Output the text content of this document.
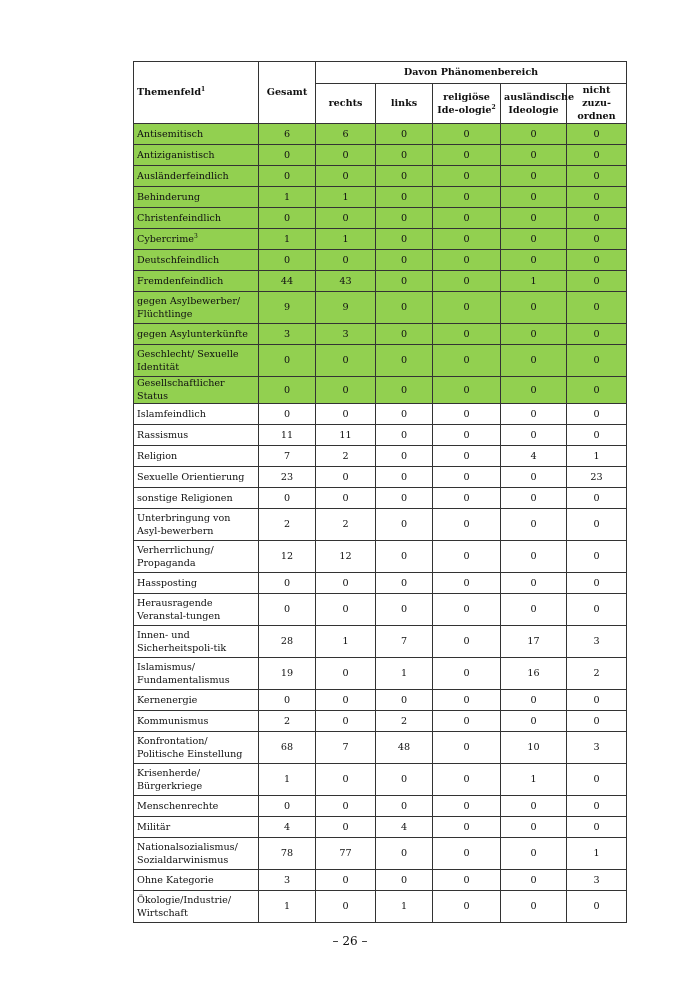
Themenfeld$^1$	Gesamt	Davon Phänomenbereich				
		rechts	links	religiöse Ide-ologie$^2$	ausländische Ideologie	nicht zuzu-ordnen
Antisemitisch	6	6	0	0	0	0
Antiziganistisch	0	0	0	0	0	0
Ausländerfeindlich	0	0	0	0	0	0
Behinderung	1	1	0	0	0	0
Christenfeindlich	0	0	0	0	0	0
Cybercrime$^3$	1	1	0	0	0	0
Deutschfeindlich	0	0	0	0	0	0
Fremdenfeindlich	44	43	0	0	1	0
gegen Asylbewerber/ Flüchtlinge	9	9	0	0	0	0
gegen Asylunterkünfte	3	3	0	0	0	0
Geschlecht/ Sexuelle Identität	0	0	0	0	0	0
Gesellschaftlicher Status	0	0	0	0	0	0
Islamfeindlich	0	0	0	0	0	0
Rassismus	11	11	0	0	0	0
Religion	7	2	0	0	4	1
Sexuelle Orientierung	23	0	0	0	0	23
sonstige Religionen	0	0	0	0	0	0
Unterbringung von Asyl-bewerbern	2	2	0	0	0	0
Verherrlichung/ Propaganda	12	12	0	0	0	0
Hassposting	0	0	0	0	0	0
Herausragende Veranstal-tungen	0	0	0	0	0	0
Innen- und Sicherheitspoli-tik	28	1	7	0	17	3
Islamismus/ Fundamentalismus	19	0	1	0	16	2
Kernenergie	0	0	0	0	0	0
Kommunismus	2	0	2	0	0	0
Konfrontation/ Politische Einstellung	68	7	48	0	10	3
Krisenherde/ Bürgerkriege	1	0	0	0	1	0
Menschenrechte	0	0	0	0	0	0
Militär	4	0	4	0	0	0
Nationalsozialismus/ Sozialdarwinismus	78	77	0	0	0	1
Ohne Kategorie	3	0	0	0	0	3
Ökologie/Industrie/ Wirtschaft	1	0	1	0	0	0
– 26 –
